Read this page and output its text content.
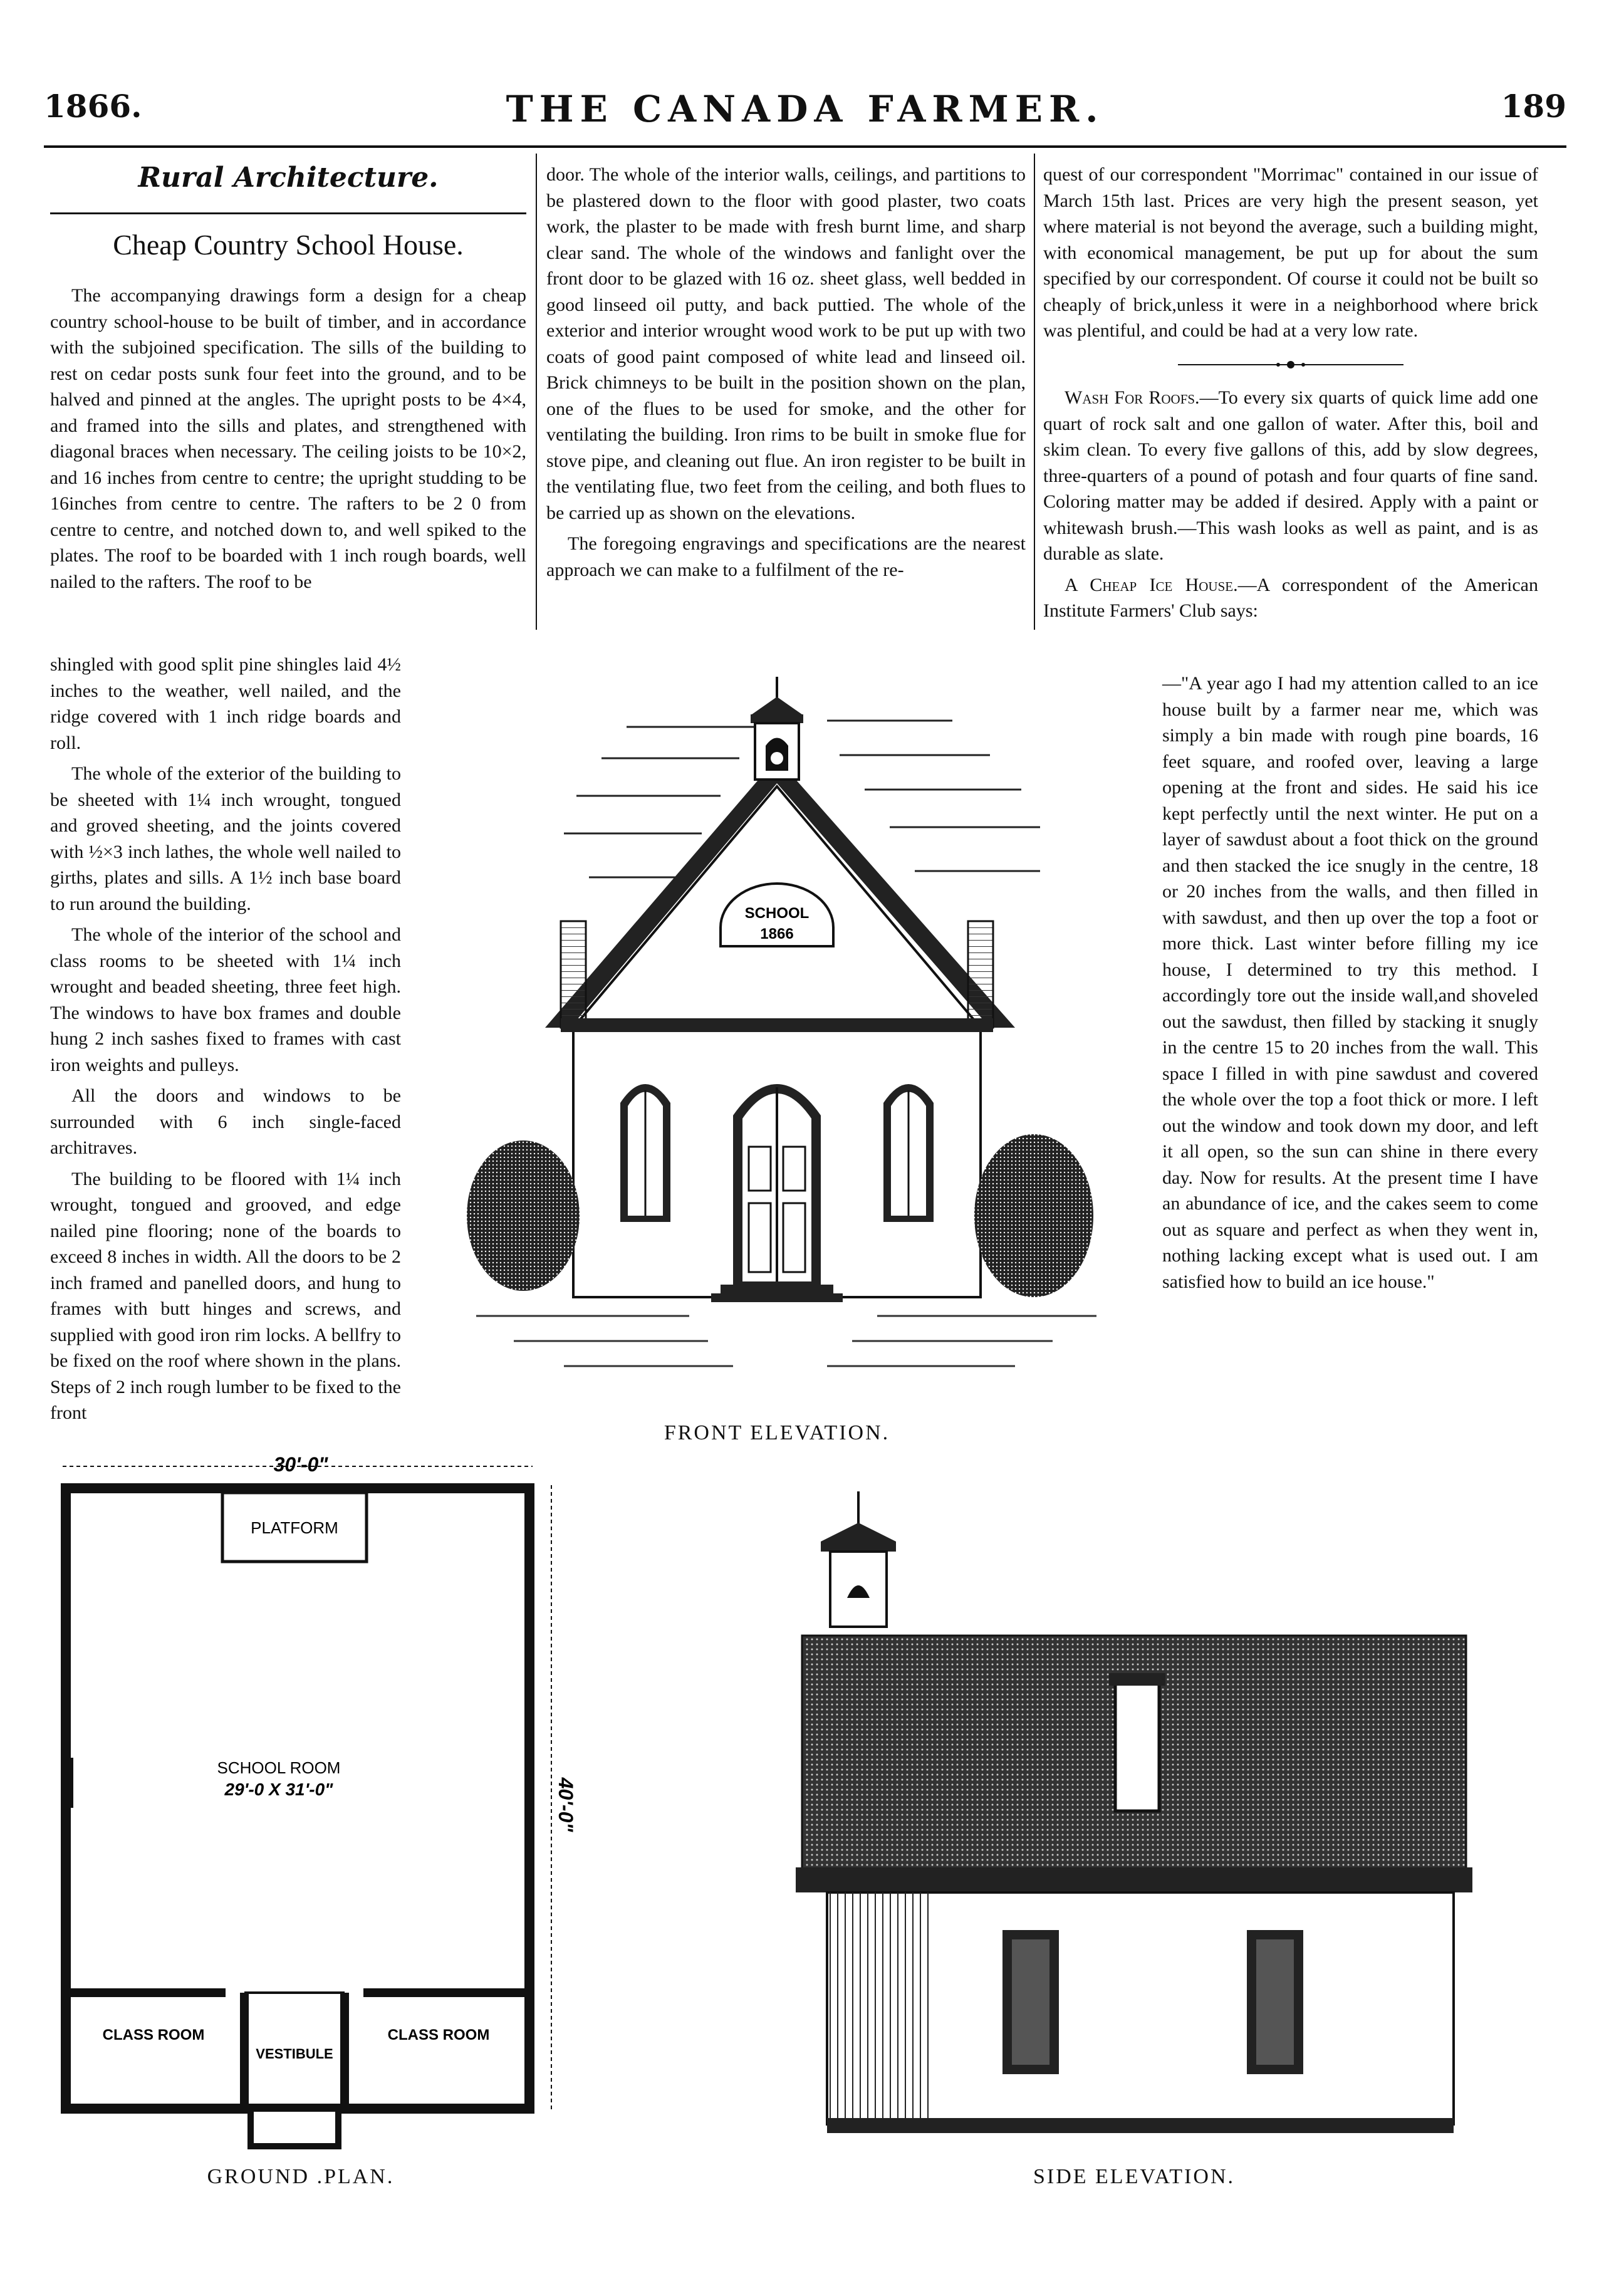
THE CANADA FARMER.
1866.	189
Rural Architecture.
Cheap Country School House.

The accompanying drawings form a design for a cheap country school-house to be built of timber, and in accordance with the subjoined specification. The sills of the building to rest on cedar posts sunk four feet into the ground, and to be halved and pinned at the angles. The upright posts to be 4×4, and framed into the sills and plates, and strengthened with diagonal braces when necessary. The ceiling joists to be 10×2, and 16 inches from centre to centre; the upright studding to be 16inches from centre to centre. The rafters to be 2 0 from centre to centre, and notched down to, and well spiked to the plates. The roof to be boarded with 1 inch rough boards, well nailed to the rafters. The roof to be

shingled with good split pine shingles laid 4½ inches to the weather, well nailed, and the ridge covered with 1 inch ridge boards and roll.

The whole of the exterior of the building to be sheeted with 1¼ inch wrought, tongued and groved sheeting, and the joints covered with ½×3 inch lathes, the whole well nailed to girths, plates and sills. A 1½ inch base board to run around the building.

The whole of the interior of the school and class rooms to be sheeted with 1¼ inch wrought and beaded sheeting, three feet high. The windows to have box frames and double hung 2 inch sashes fixed to frames with cast iron weights and pulleys.

All the doors and windows to be surrounded with 6 inch single-faced architraves.

The building to be floored with 1¼ inch wrought, tongued and grooved, and edge nailed pine flooring; none of the boards to exceed 8 inches in width. All the doors to be 2 inch framed and panelled doors, and hung to frames with butt hinges and screws, and supplied with good iron rim locks. A bellfry to be fixed on the roof where shown in the plans. Steps of 2 inch rough lumber to be fixed to the front

door. The whole of the interior walls, ceilings, and partitions to be plastered down to the floor with good plaster, two coats work, the plaster to be made with fresh burnt lime, and sharp clear sand. The whole of the windows and fanlight over the front door to be glazed with 16 oz. sheet glass, well bedded in good linseed oil putty, and back puttied. The whole of the exterior and interior wrought wood work to be put up with two coats of good paint composed of white lead and linseed oil. Brick chimneys to be built in the position shown on the plan, one of the flues to be used for smoke, and the other for ventilating the building. Iron rims to be built in smoke flue for stove pipe, and cleaning out flue. An iron register to be built in the ventilating flue, two feet from the ceiling, and both flues to be carried up as shown on the elevations.

The foregoing engravings and specifications are the nearest approach we can make to a fulfilment of the re-

quest of our correspondent "Morrimac" contained in our issue of March 15th last. Prices are very high the present season, yet where material is not beyond the average, such a building might, with economical management, be put up for about the sum specified by our correspondent. Of course it could not be built so cheaply of brick,unless it were in a neighborhood where brick was plentiful, and could be had at a very low rate.

Wash For Roofs.—To every six quarts of quick lime add one quart of rock salt and one gallon of water. After this, boil and skim clean. To every five gallons of this, add by slow degrees, three-quarters of a pound of potash and four quarts of fine sand. Coloring matter may be added if desired. Apply with a paint or whitewash brush.—This wash looks as well as paint, and is as durable as slate.

A Cheap Ice House.—A correspondent of the American Institute Farmers' Club says:

—"A year ago I had my attention called to an ice house built by a farmer near me, which was simply a bin made with rough pine boards, 16 feet square, and roofed over, leaving a large opening at the front and sides. He said his ice kept perfectly until the next winter. He put on a layer of sawdust about a foot thick on the ground and then stacked the ice snugly in the centre, 18 or 20 inches from the walls, and then filled in with sawdust, and then up over the top a foot or more thick. Last winter before filling my ice house, I determined to try this method. I accordingly tore out the inside wall,and shoveled out the sawdust, then filled by stacking it snugly in the centre 15 to 20 inches from the wall. This space I filled in with pine sawdust and covered the whole over the top a foot thick or more. I left out the window and took down my door, and left it all open, so the sun can shine in there every day. Now for results. At the present time I have an abundance of ice, and the cakes seem to come out as square and perfect as when they went in, nothing lacking except what is used out. I am satisfied how to build an ice house."

SCHOOL
1866
FRONT ELEVATION.
30'-0"
40'-0"
PLATFORM
SCHOOL ROOM
29'-0 X 31'-0"
CLASS ROOM	CLASS ROOM
VESTIBULE
GROUND .PLAN.	SIDE ELEVATION.
